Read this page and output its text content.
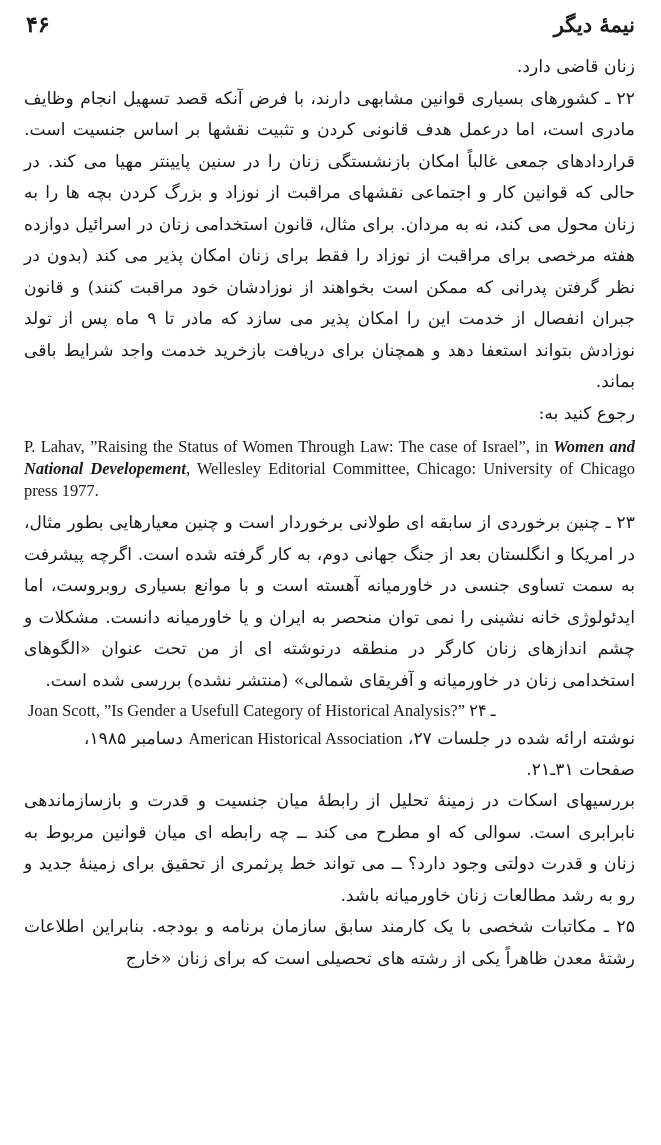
۴۶	نیمهٔ دیگر

زنان قاضی دارد.

۲۲ ـ کشورهای بسیاری قوانین مشابهی دارند، با فرض آنکه قصد تسهیل انجام وظایف مادری است، اما درعمل هدف قانونی کردن و تثبیت نقشها بر اساس جنسیت است. قراردادهای جمعی غالباً امکان بازنشستگی زنان را در سنین پایینتر مهیا می کند. در حالی که قوانین کار و اجتماعی نقشهای مراقبت از نوزاد و بزرگ کردن بچه ها را به زنان محول می کند، نه به مردان. برای مثال، قانون استخدامی زنان در اسرائیل دوازده هفته مرخصی برای مراقبت از نوزاد را فقط برای زنان امکان پذیر می کند (بدون در نظر گرفتن پدرانی که ممکن است بخواهند از نوزادشان خود مراقبت کنند) و قانون جبران انفصال از خدمت این را امکان پذیر می سازد که مادر تا ۹ ماه پس از تولد نوزادش بتواند استعفا دهد و همچنان برای دریافت بازخرید خدمت واجد شرایط باقی بماند.

رجوع کنید به:

P. Lahav, ”Raising the Status of Women Through Law: The case of Israel”, in Women and National Developement, Wellesley Editorial Committee, Chicago: University of Chicago press 1977.

۲۳ ـ چنین برخوردی از سابقه ای طولانی برخوردار است و چنین معیارهایی بطور مثال، در امریکا و انگلستان بعد از جنگ جهانی دوم، به کار گرفته شده است. اگرچه پیشرفت به سمت تساوی جنسی در خاورمیانه آهسته است و با موانع بسیاری روبروست، اما ایدئولوژی خانه نشینی را نمی توان منحصر به ایران و یا خاورمیانه دانست. مشکلات و چشم اندازهای زنان کارگر در منطقه درنوشته ای از من تحت عنوان «الگوهای استخدامی زنان در خاورمیانه و آفریقای شمالی» (منتشر نشده) بررسی شده است.

Joan Scott, ”Is Gender a Usefull Category of Historical Analysis?” ـ ۲۴

نوشته ارائه شده در جلسات American Historical Association ،۲۷ دسامبر ۱۹۸۵، صفحات ۳۱ـ۲۱.

بررسیهای اسکات در زمینهٔ تحلیل از رابطهٔ میان جنسیت و قدرت و بازسازماندهی نابرابری است. سوالی که او مطرح می کند ــ چه رابطه ای میان قوانین مربوط به زنان و قدرت دولتی وجود دارد؟ ــ می تواند خط پرثمری از تحقیق برای زمینهٔ جدید و رو به رشد مطالعات زنان خاورمیانه باشد.

۲۵ ـ مکاتبات شخصی با یک کارمند سابق سازمان برنامه و بودجه. بنابراین اطلاعات رشتهٔ معدن ظاهراً یکی از رشته های تحصیلی است که برای زنان «خارج
